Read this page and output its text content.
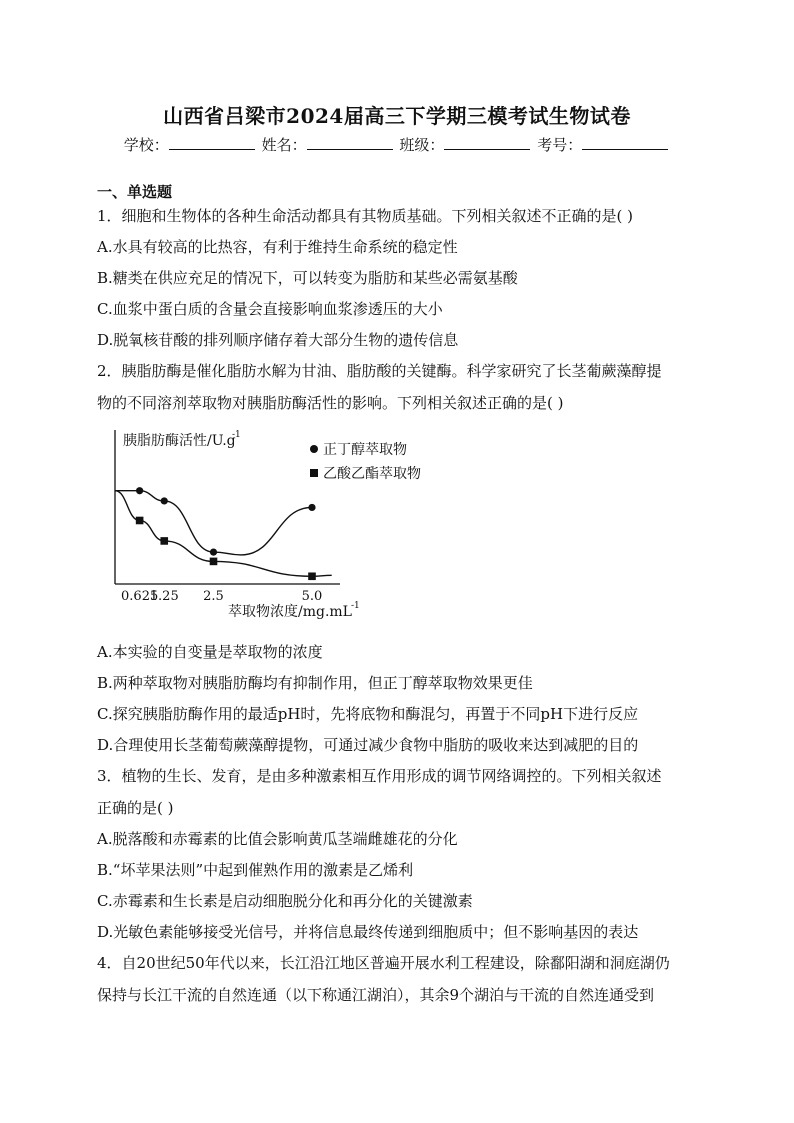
山西省吕梁市2024届高三下学期三模考试生物试卷
学校：	姓名：	班级：	考号：
一、单选题
1．细胞和生物体的各种生命活动都具有其物质基础。下列相关叙述不正确的是( )
A.水具有较高的比热容，有利于维持生命系统的稳定性
B.糖类在供应充足的情况下，可以转变为脂肪和某些必需氨基酸
C.血浆中蛋白质的含量会直接影响血浆渗透压的大小
D.脱氧核苷酸的排列顺序储存着大部分生物的遗传信息
2．胰脂肪酶是催化脂肪水解为甘油、脂肪酸的关键酶。科学家研究了长茎葡蕨藻醇提
物的不同溶剂萃取物对胰脂肪酶活性的影响。下列相关叙述正确的是( )
胰脂肪酶活性/U.g
-1
0.625
1.25 2.5	5.0
萃取物浓度/mg.mL -1
正丁醇萃取物
乙酸乙酯萃取物
A.本实验的自变量是萃取物的浓度
B.两种萃取物对胰脂肪酶均有抑制作用，但正丁醇萃取物效果更佳
C.探究胰脂肪酶作用的最适pH时，先将底物和酶混匀，再置于不同pH下进行反应
D.合理使用长茎葡萄蕨藻醇提物，可通过减少食物中脂肪的吸收来达到减肥的目的
3．植物的生长、发育，是由多种激素相互作用形成的调节网络调控的。下列相关叙述
正确的是( )
A.脱落酸和赤霉素的比值会影响黄瓜茎端雌雄花的分化
B.“坏苹果法则”中起到催熟作用的激素是乙烯利
C.赤霉素和生长素是启动细胞脱分化和再分化的关键激素
D.光敏色素能够接受光信号，并将信息最终传递到细胞质中；但不影响基因的表达
4．自20世纪50年代以来，长江沿江地区普遍开展水利工程建设，除鄱阳湖和洞庭湖仍
保持与长江干流的自然连通（以下称通江湖泊），其余9个湖泊与干流的自然连通受到
